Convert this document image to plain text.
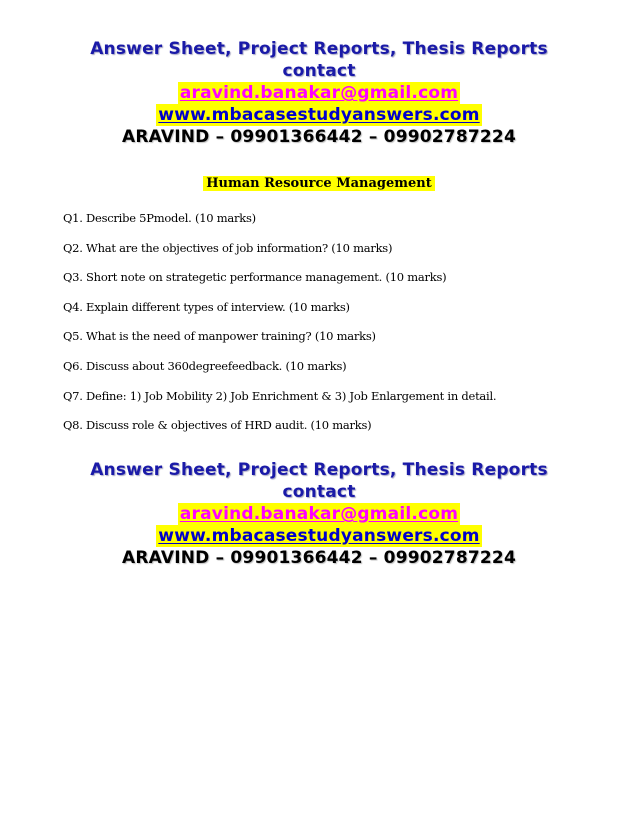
Answer Sheet, Project Reports, Thesis Reports
contact
aravind.banakar@gmail.com
www.mbacasestudyanswers.com
ARAVIND – 09901366442 – 09902787224
Human Resource Management
Q1. Describe 5Pmodel. (10 marks)
Q2. What are the objectives of job information? (10 marks)
Q3. Short note on strategetic performance management. (10 marks)
Q4. Explain different types of interview. (10 marks)
Q5. What is the need of manpower training? (10 marks)
Q6. Discuss about 360degreefeedback. (10 marks)
Q7. Define: 1) Job Mobility 2) Job Enrichment & 3) Job Enlargement in detail.
Q8. Discuss role & objectives of HRD audit. (10 marks)
Answer Sheet, Project Reports, Thesis Reports
contact
aravind.banakar@gmail.com
www.mbacasestudyanswers.com
ARAVIND – 09901366442 – 09902787224
